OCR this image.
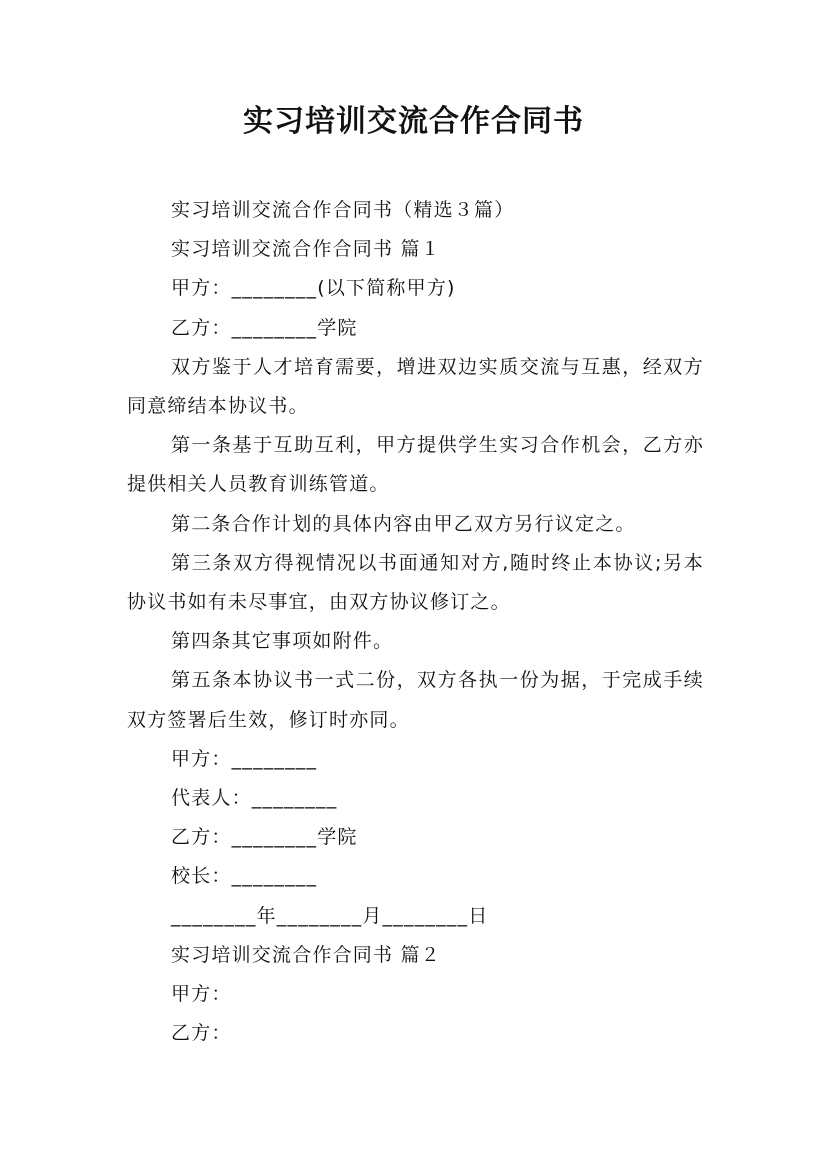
实习培训交流合作合同书

实习培训交流合作合同书（精选３篇）

实习培训交流合作合同书 篇１

甲方：________(以下简称甲方)

乙方：________学院

双方鉴于人才培育需要，增进双边实质交流与互惠，经双方同意缔结本协议书。

第一条基于互助互利，甲方提供学生实习合作机会，乙方亦提供相关人员教育训练管道。

第二条合作计划的具体内容由甲乙双方另行议定之。

第三条双方得视情况以书面通知对方,随时终止本协议;另本协议书如有未尽事宜，由双方协议修订之。

第四条其它事项如附件。

第五条本协议书一式二份，双方各执一份为据，于完成手续双方签署后生效，修订时亦同。

甲方：________

代表人：________

乙方：________学院

校长：________

________年________月________日

实习培训交流合作合同书 篇２

甲方：

乙方：
